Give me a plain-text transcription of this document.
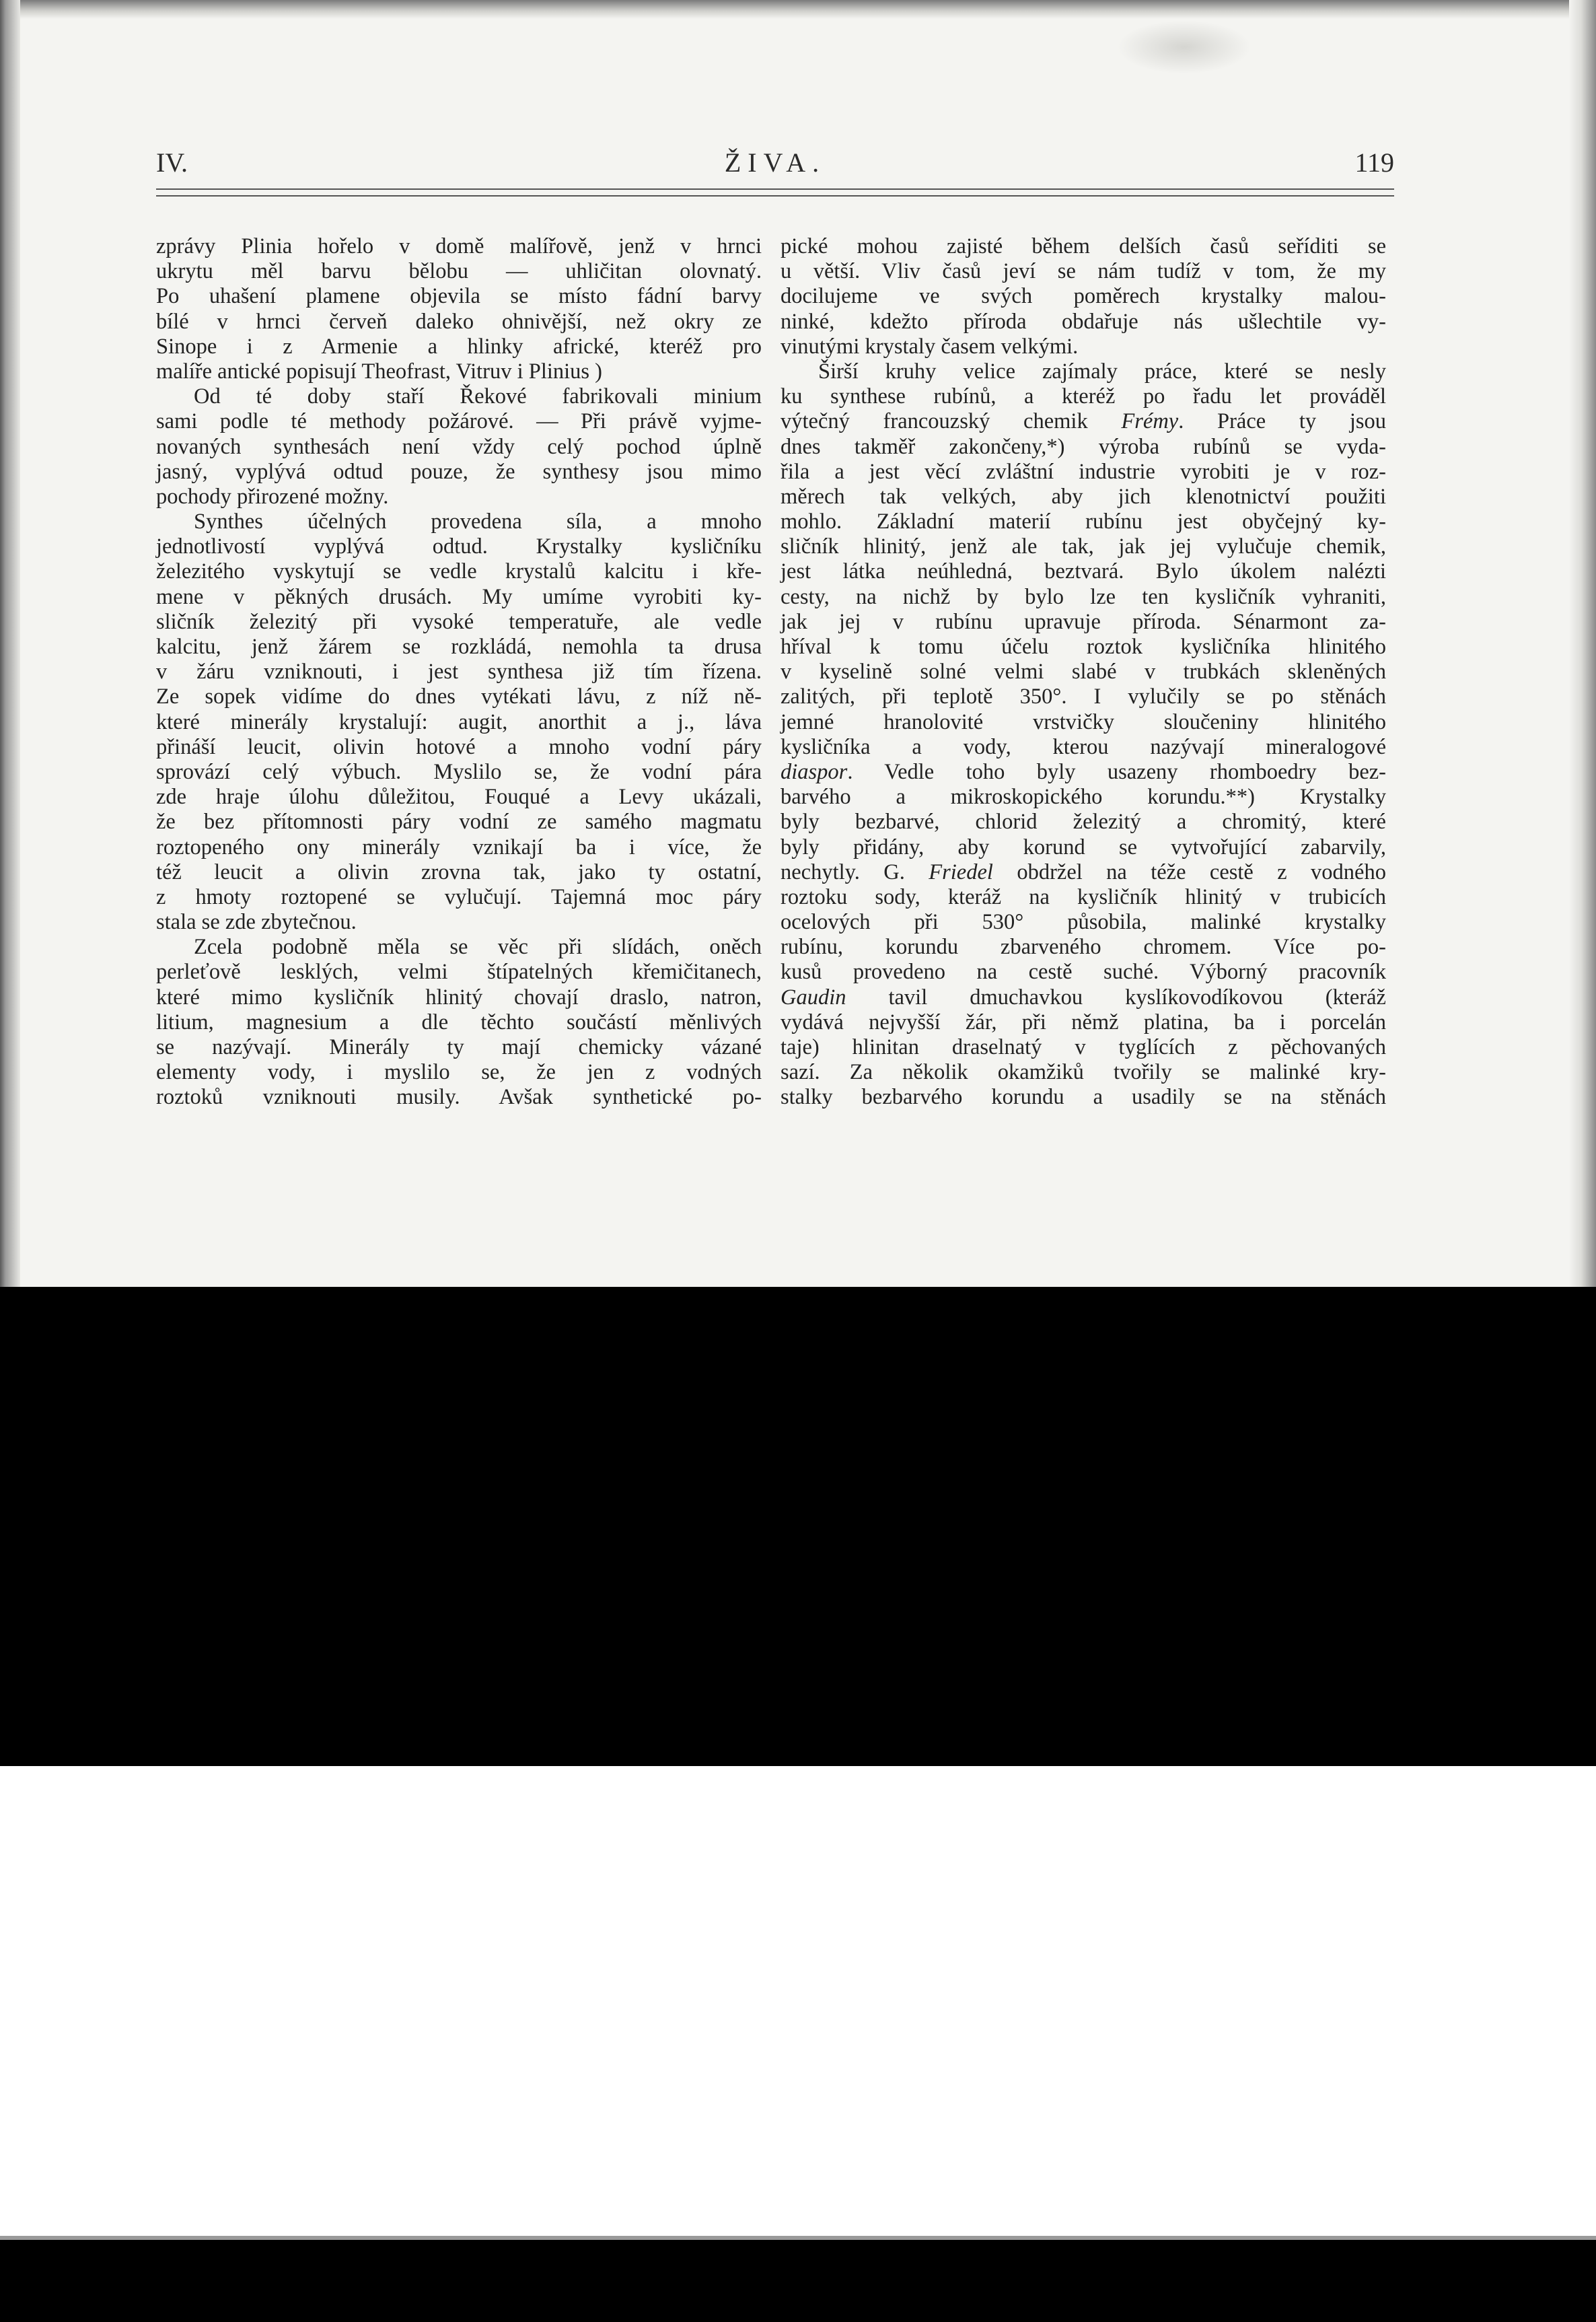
IV.	ŽIVA.	119
zprávy Plinia hořelo v domě malířově, jenž v hrnci
ukrytu měl barvu bělobu — uhličitan olovnatý.
Po uhašení plamene objevila se místo fádní barvy
bílé v hrnci červeň daleko ohnivější, než okry ze
Sinope i z Armenie a hlinky africké, kteréž pro
malíře antické popisují Theofrast, Vitruv i Plinius )
Od té doby staří Řekové fabrikovali minium
sami podle té methody požárové. — Při právě vyjme-
novaných synthesách není vždy celý pochod úplně
jasný, vyplývá odtud pouze, že synthesy jsou mimo
pochody přirozené možny.
Synthes účelných provedena síla, a mnoho
jednotlivostí vyplývá odtud. Krystalky kysličníku
železitého vyskytují se vedle krystalů kalcitu i kře-
mene v pěkných drusách. My umíme vyrobiti ky-
sličník železitý při vysoké temperatuře, ale vedle
kalcitu, jenž žárem se rozkládá, nemohla ta drusa
v žáru vzniknouti, i jest synthesa již tím řízena.
Ze sopek vidíme do dnes vytékati lávu, z níž ně-
které minerály krystalují: augit, anorthit a j., láva
přináší leucit, olivin hotové a mnoho vodní páry
sprovází celý výbuch. Myslilo se, že vodní pára
zde hraje úlohu důležitou, Fouqué a Levy ukázali,
že bez přítomnosti páry vodní ze samého magmatu
roztopeného ony minerály vznikají ba i více, že
též leucit a olivin zrovna tak, jako ty ostatní,
z hmoty roztopené se vylučují. Tajemná moc páry
stala se zde zbytečnou.
Zcela podobně měla se věc při slídách, oněch
perleťově lesklých, velmi štípatelných křemičitanech,
které mimo kysličník hlinitý chovají draslo, natron,
litium, magnesium a dle těchto součástí měnlivých
se nazývají. Minerály ty mají chemicky vázané
elementy vody, i myslilo se, že jen z vodných
roztoků vzniknouti musily. Avšak synthetické po-
pické mohou zajisté během delších časů seříditi se
u větší. Vliv časů jeví se nám tudíž v tom, že my
docilujeme ve svých poměrech krystalky malou-
ninké, kdežto příroda obdařuje nás ušlechtile vy-
vinutými krystaly časem velkými.
Širší kruhy velice zajímaly práce, které se nesly
ku synthese rubínů, a kteréž po řadu let prováděl
výtečný francouzský chemik Frémy. Práce ty jsou
dnes takměř zakončeny,*) výroba rubínů se vyda-
řila a jest věcí zvláštní industrie vyrobiti je v roz-
měrech tak velkých, aby jich klenotnictví použiti
mohlo. Základní materií rubínu jest obyčejný ky-
sličník hlinitý, jenž ale tak, jak jej vylučuje chemik,
jest látka neúhledná, beztvará. Bylo úkolem nalézti
cesty, na nichž by bylo lze ten kysličník vyhraniti,
jak jej v rubínu upravuje příroda. Sénarmont za-
hříval k tomu účelu roztok kysličníka hlinitého
v kyselině solné velmi slabé v trubkách skleněných
zalitých, při teplotě 350°. I vylučily se po stěnách
jemné hranolovité vrstvičky sloučeniny hlinitého
kysličníka a vody, kterou nazývají mineralogové
diaspor. Vedle toho byly usazeny rhomboedry bez-
barvého a mikroskopického korundu.**) Krystalky
byly bezbarvé, chlorid železitý a chromitý, které
byly přidány, aby korund se vytvořující zabarvily,
nechytly. G. Friedel obdržel na téže cestě z vodného
roztoku sody, kteráž na kysličník hlinitý v trubicích
ocelových při 530° působila, malinké krystalky
rubínu, korundu zbarveného chromem. Více po-
kusů provedeno na cestě suché. Výborný pracovník
Gaudin tavil dmuchavkou kyslíkovodíkovou (kteráž
vydává nejvyšší žár, při němž platina, ba i porcelán
taje) hlinitan draselnatý v tyglících z pěchovaných
sazí. Za několik okamžiků tvořily se malinké kry-
stalky bezbarvého korundu a usadily se na stěnách
